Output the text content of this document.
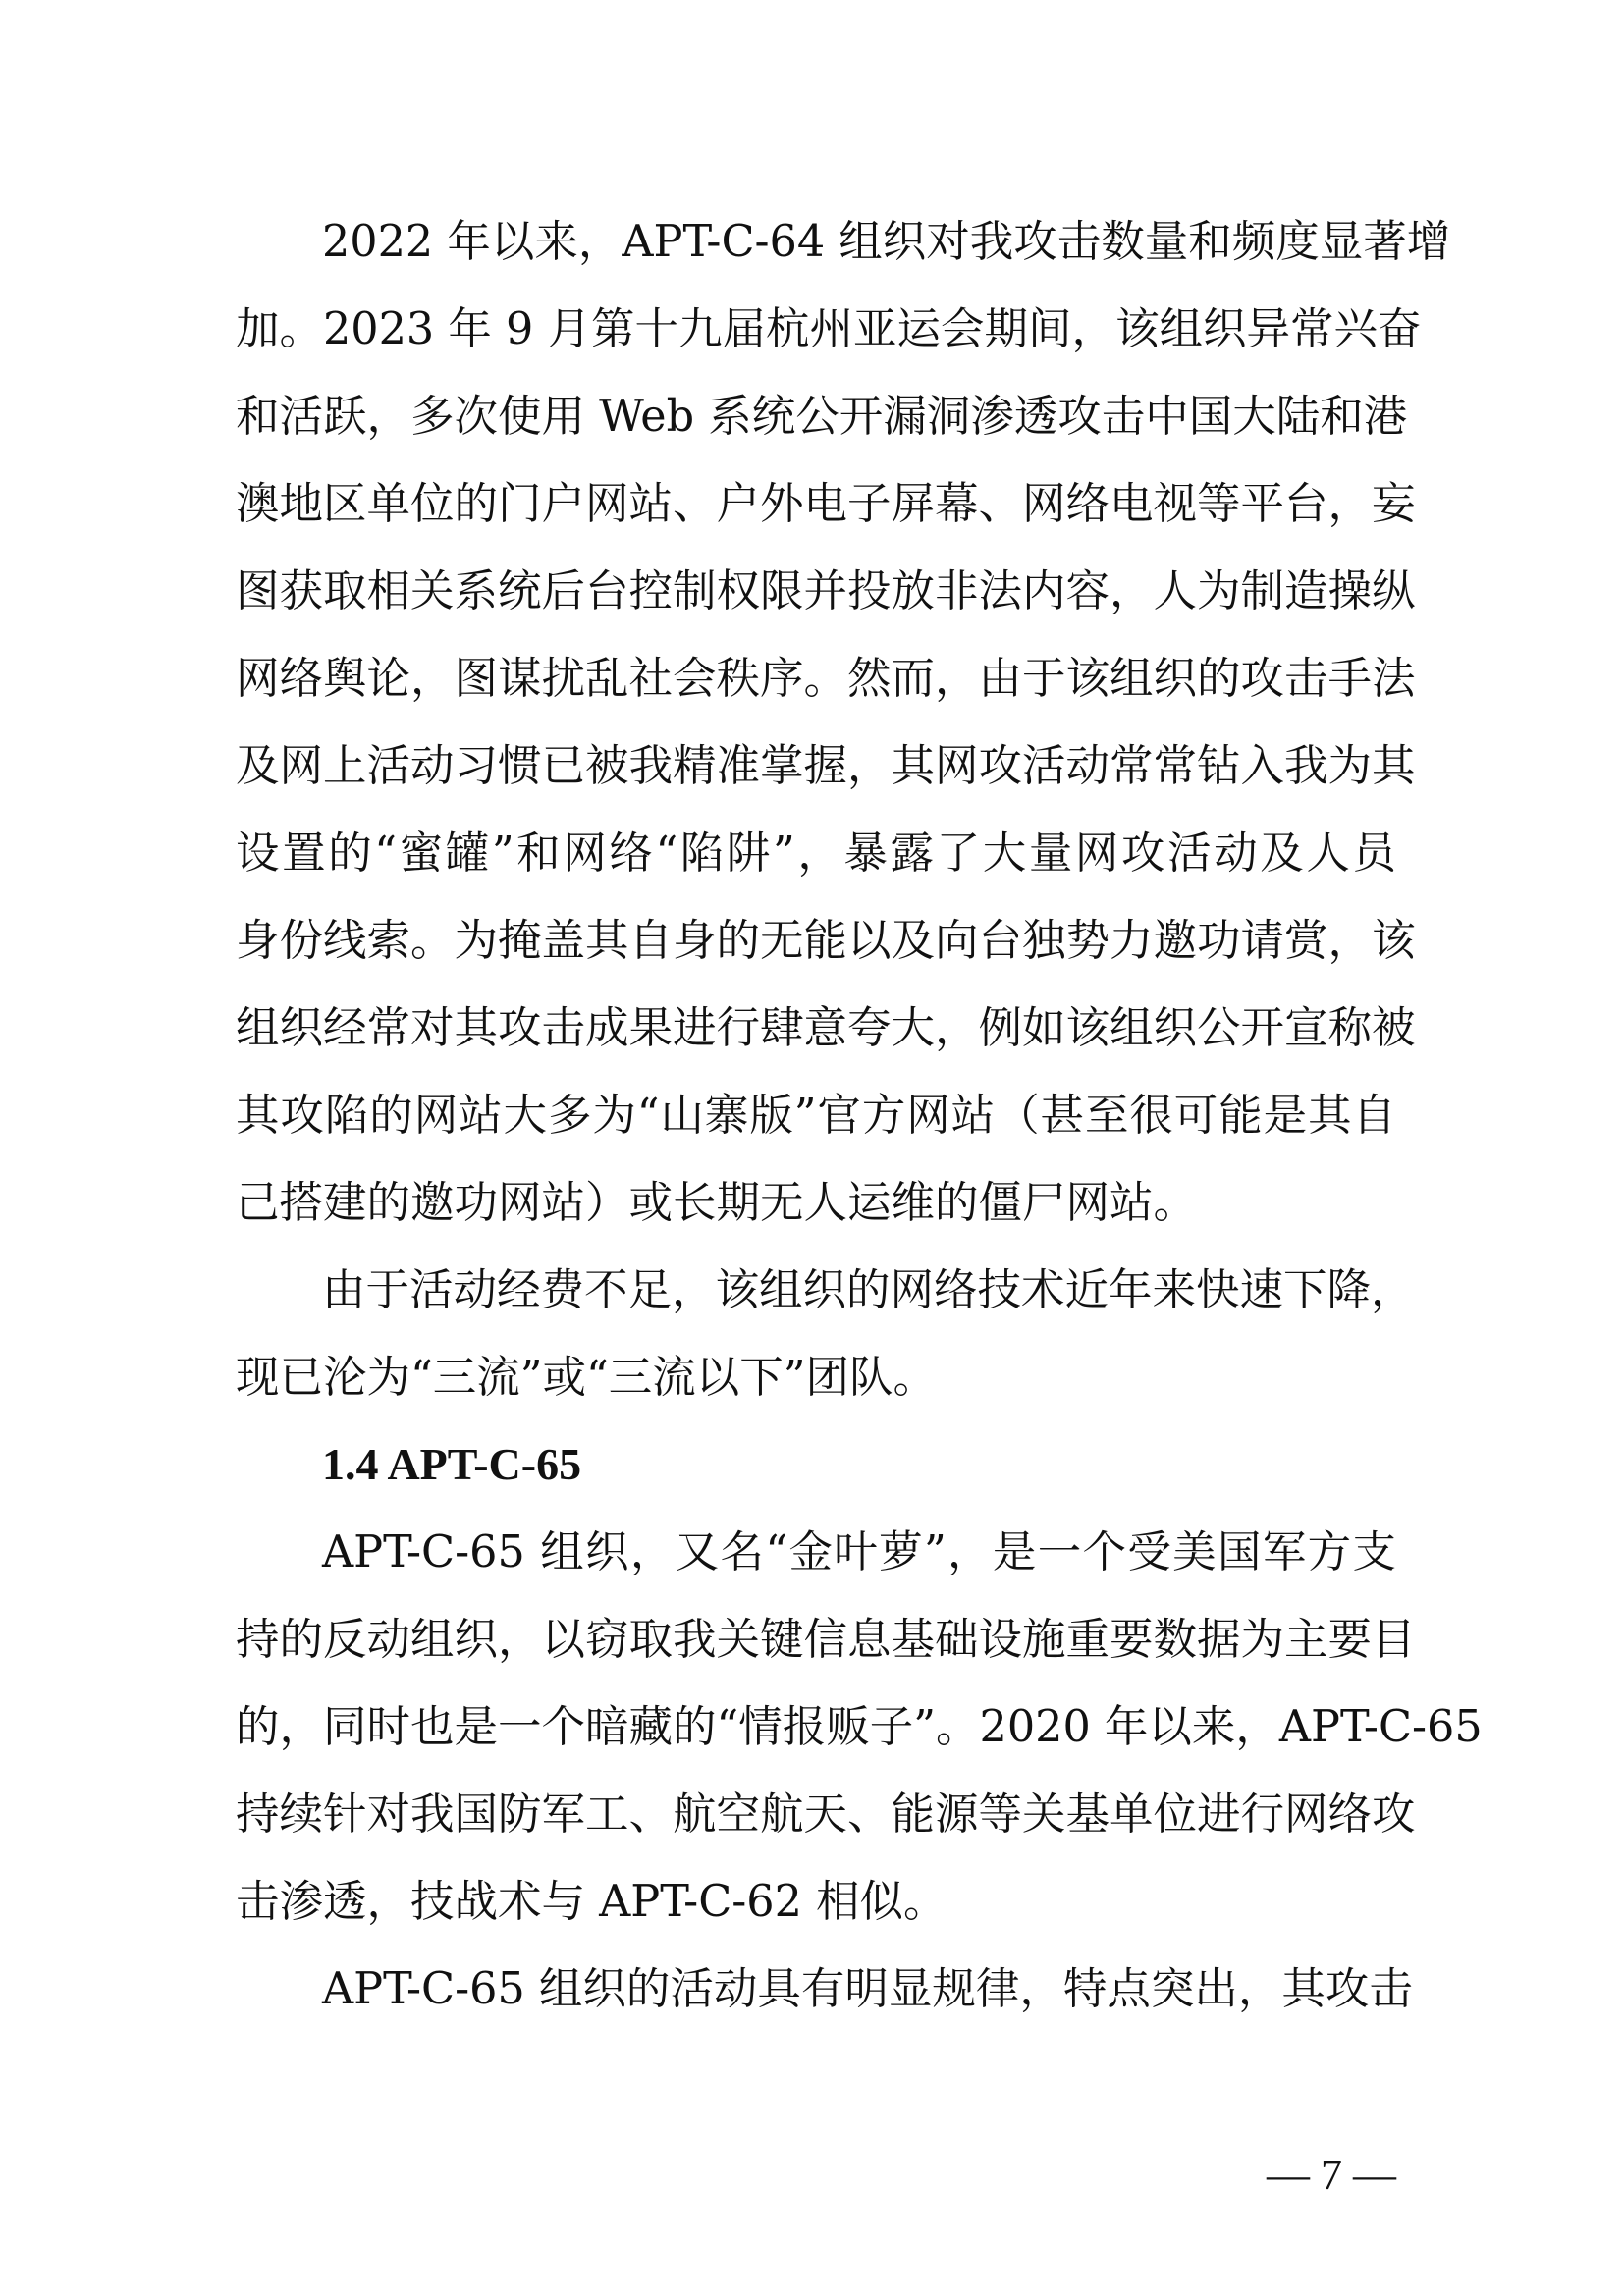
2022 年以来，APT-C-64 组织对我攻击数量和频度显著增
加。2023 年 9 月第十九届杭州亚运会期间，该组织异常兴奋
和活跃，多次使用 Web 系统公开漏洞渗透攻击中国大陆和港
澳地区单位的门户网站、户外电子屏幕、网络电视等平台，妄
图获取相关系统后台控制权限并投放非法内容，人为制造操纵
网络舆论，图谋扰乱社会秩序。然而，由于该组织的攻击手法
及网上活动习惯已被我精准掌握，其网攻活动常常钻入我为其
设置的“蜜罐”和网络“陷阱”，暴露了大量网攻活动及人员
身份线索。为掩盖其自身的无能以及向台独势力邀功请赏，该
组织经常对其攻击成果进行肆意夸大，例如该组织公开宣称被
其攻陷的网站大多为“山寨版”官方网站（甚至很可能是其自
己搭建的邀功网站）或长期无人运维的僵尸网站。
由于活动经费不足，该组织的网络技术近年来快速下降，
现已沦为“三流”或“三流以下”团队。
1.4 APT-C-65
APT-C-65 组织，又名“金叶萝”，是一个受美国军方支
持的反动组织，以窃取我关键信息基础设施重要数据为主要目
的，同时也是一个暗藏的“情报贩子”。2020 年以来，APT-C-65
持续针对我国防军工、航空航天、能源等关基单位进行网络攻
击渗透，技战术与 APT-C-62 相似。
APT-C-65 组织的活动具有明显规律，特点突出，其攻击
— 7 —
